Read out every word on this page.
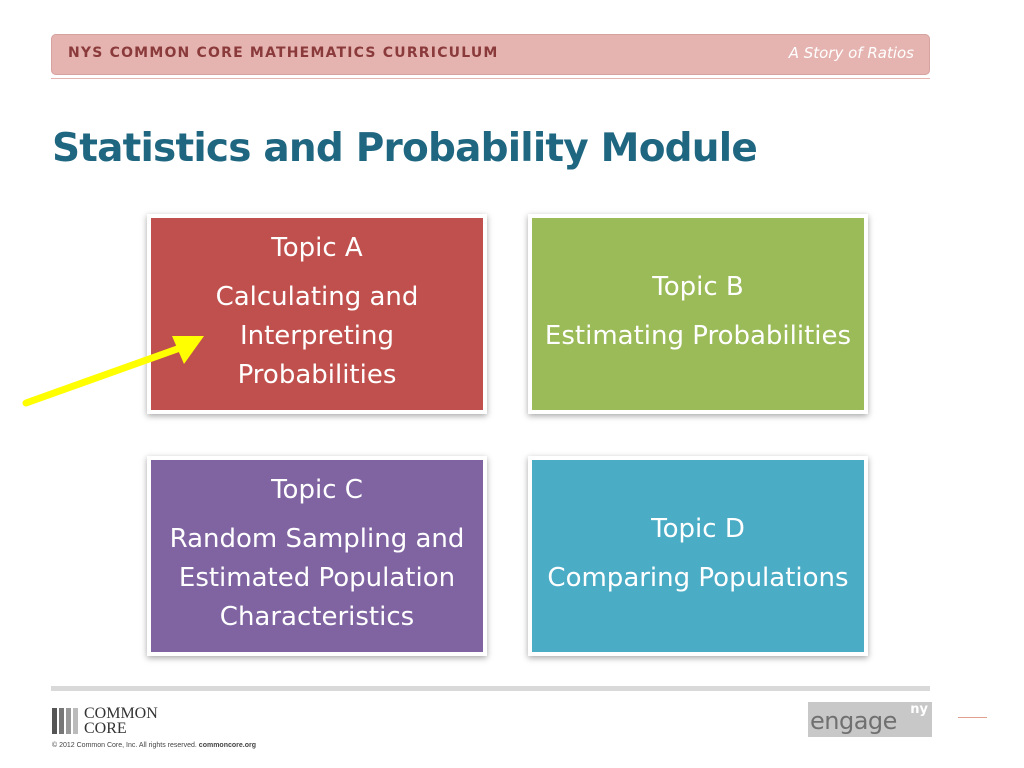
NYS COMMON CORE MATHEMATICS CURRICULUM	A Story of Ratios
Statistics and Probability Module
Topic A
Calculating and Interpreting Probabilities
Topic B
Estimating Probabilities
Topic C
Random Sampling and Estimated Population Characteristics
Topic D
Comparing Populations
COMMON
CORE
© 2012 Common Core, Inc. All rights reserved. commoncore.org
engage ny
